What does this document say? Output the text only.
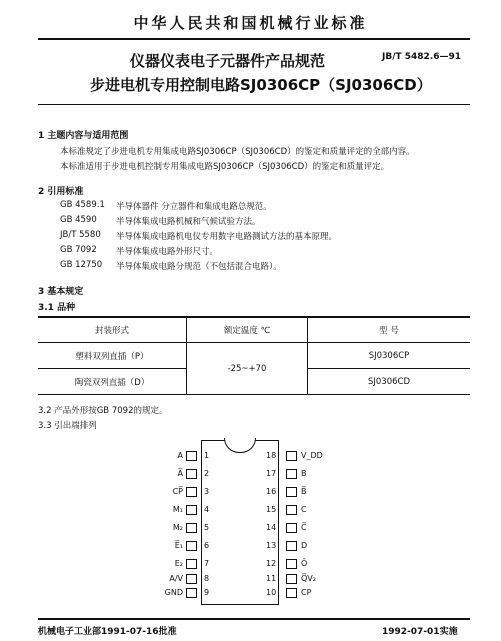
中华人民共和国机械行业标准
仪器仪表电子元器件产品规范	JB/T 5482.6—91
步进电机专用控制电路SJ0306CP（SJ0306CD）
1 主题内容与适用范围
本标准规定了步进电机专用集成电路SJ0306CP（SJ0306CD）的鉴定和质量评定的全部内容。
本标准适用于步进电机控制专用集成电路SJ0306CP（SJ0306CD）的鉴定和质量评定。
2 引用标准
GB 4589.1 半导体器件 分立器件和集成电路总规范。
GB 4590 半导体集成电路机械和气候试验方法。
JB/T 5580 半导体集成电路机电仪专用数字电路测试方法的基本原理。
GB 7092 半导体集成电路外形尺寸。
GB 12750 半导体集成电路分规范（不包括混合电路）。
3 基本规定
3.1 品种
封装形式	额定温度 ℃	型 号
塑料双列直插（P）	-25~+70	SJ0306CP
陶瓷双列直插（D）		SJ0306CD
3.2 产品外形按GB 7092的规定。
3.3 引出端排列
A	1
A̅	2
CP̅	3
M₁	4
M₂	5
E̅₁	6
E₂	7
A/V	8
GND	9
18	V_DD
17	B
16	B̅
15	C
14	C̅
13	D
12	Ō
11	Q̅V₂
10	CP
机械电子工业部1991-07-16批准	1992-07-01实施
